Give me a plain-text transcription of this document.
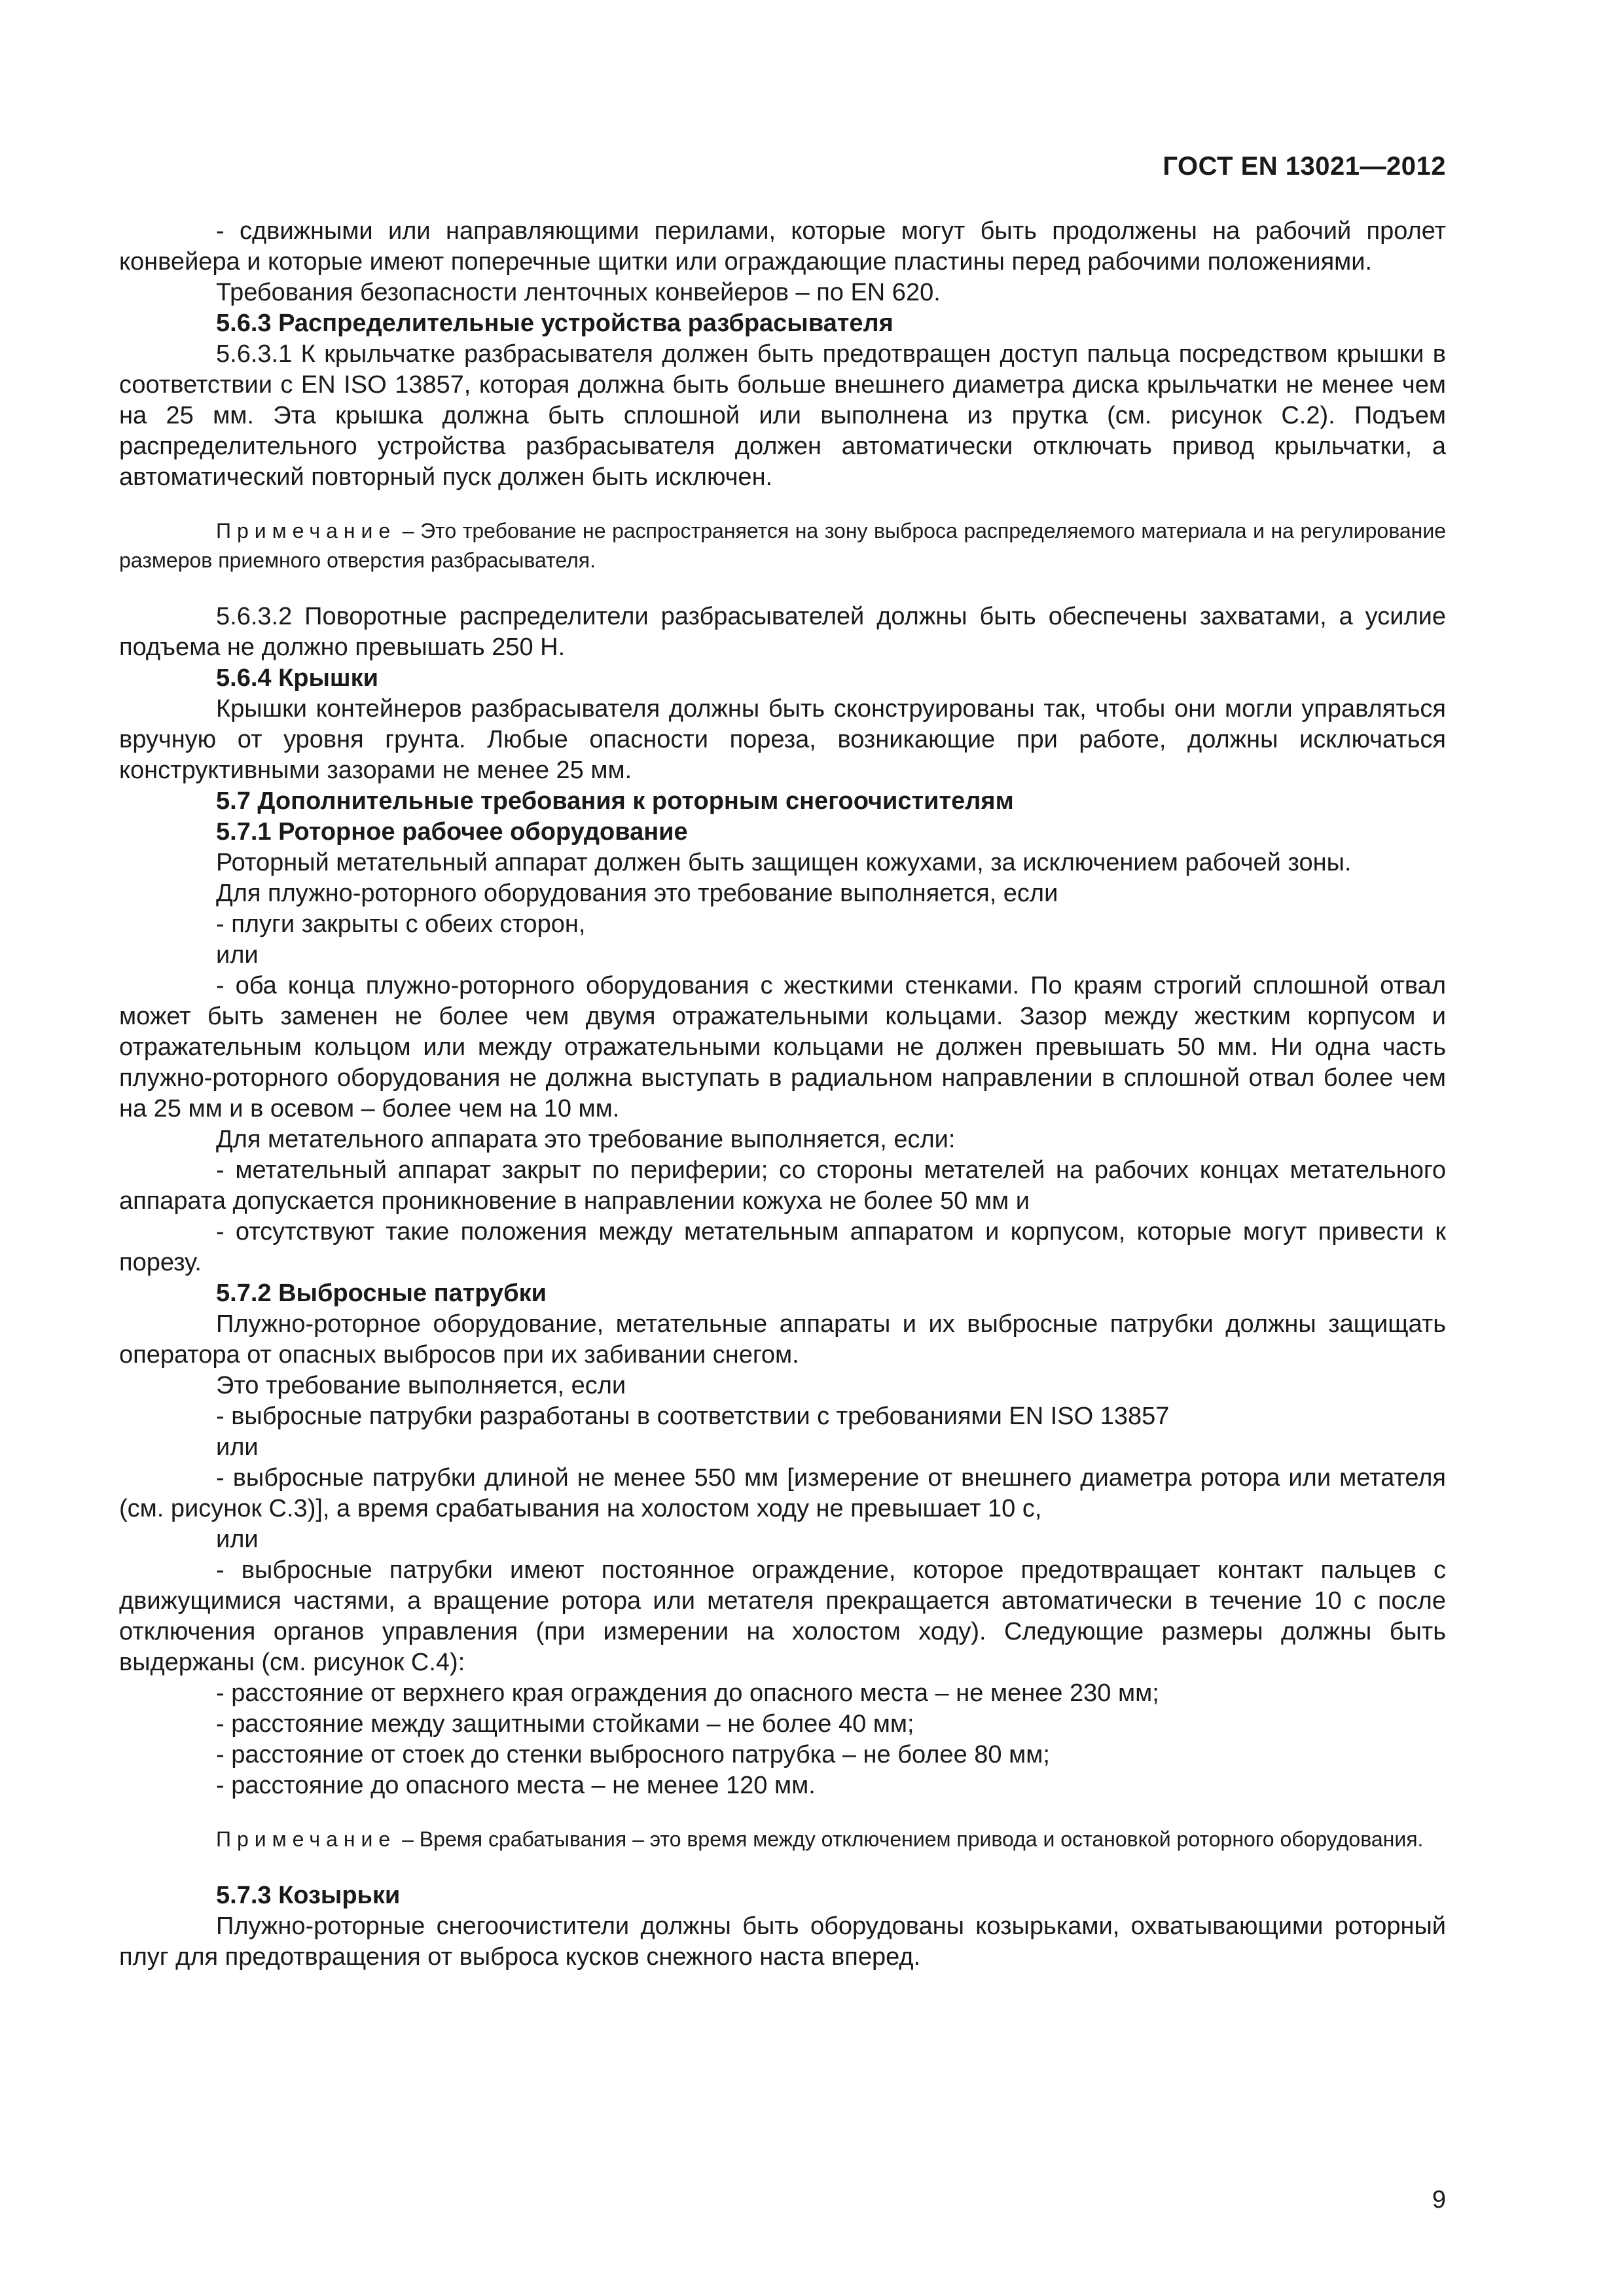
ГОСТ EN 13021—2012

- сдвижными или направляющими перилами, которые могут быть продолжены на рабочий пролет конвейера и которые имеют поперечные щитки или ограждающие пластины перед рабочими положениями.

Требования безопасности ленточных конвейеров – по EN 620.

5.6.3 Распределительные устройства разбрасывателя

5.6.3.1 К крыльчатке разбрасывателя должен быть предотвращен доступ пальца посредством крышки в соответствии с EN ISO 13857, которая должна быть больше внешнего диаметра диска крыльчатки не менее чем на 25 мм. Эта крышка должна быть сплошной или выполнена из прутка (см. рисунок С.2). Подъем распределительного устройства разбрасывателя должен автоматически отключать привод крыльчатки, а автоматический повторный пуск должен быть исключен.

Примечание – Это требование не распространяется на зону выброса распределяемого материала и на регулирование размеров приемного отверстия разбрасывателя.

5.6.3.2 Поворотные распределители разбрасывателей должны быть обеспечены захватами, а усилие подъема не должно превышать 250 Н.

5.6.4 Крышки

Крышки контейнеров разбрасывателя должны быть сконструированы так, чтобы они могли управляться вручную от уровня грунта. Любые опасности пореза, возникающие при работе, должны исключаться конструктивными зазорами не менее 25 мм.

5.7 Дополнительные требования к роторным снегоочистителям

5.7.1 Роторное рабочее оборудование

Роторный метательный аппарат должен быть защищен кожухами, за исключением рабочей зоны.

Для плужно-роторного оборудования это требование выполняется, если

- плуги закрыты с обеих сторон,

или

- оба конца плужно-роторного оборудования с жесткими стенками. По краям строгий сплошной отвал может быть заменен не более чем двумя отражательными кольцами. Зазор между жестким корпусом и отражательным кольцом или между отражательными кольцами не должен превышать 50 мм. Ни одна часть плужно-роторного оборудования не должна выступать в радиальном направлении в сплошной отвал более чем на 25 мм и в осевом – более чем на 10 мм.

Для метательного аппарата это требование выполняется, если:

- метательный аппарат закрыт по периферии; со стороны метателей на рабочих концах метательного аппарата допускается проникновение в направлении кожуха не более 50 мм и

- отсутствуют такие положения между метательным аппаратом и корпусом, которые могут привести к порезу.

5.7.2 Выбросные патрубки

Плужно-роторное оборудование, метательные аппараты и их выбросные патрубки должны защищать оператора от опасных выбросов при их забивании снегом.

Это требование выполняется, если

- выбросные патрубки разработаны в соответствии с требованиями EN ISO 13857

или

- выбросные патрубки длиной не менее 550 мм [измерение от внешнего диаметра ротора или метателя (см. рисунок С.3)], а время срабатывания на холостом ходу не превышает 10 с,

или

- выбросные патрубки имеют постоянное ограждение, которое предотвращает контакт пальцев с движущимися частями, а вращение ротора или метателя прекращается автоматически в течение 10 с после отключения органов управления (при измерении на холостом ходу). Следующие размеры должны быть выдержаны (см. рисунок С.4):

- расстояние от верхнего края ограждения до опасного места – не менее 230 мм;

- расстояние между защитными стойками – не более 40 мм;

- расстояние от стоек до стенки выбросного патрубка – не более 80 мм;

- расстояние до опасного места – не менее 120 мм.

Примечание – Время срабатывания – это время между отключением привода и остановкой роторного оборудования.

5.7.3 Козырьки

Плужно-роторные снегоочистители должны быть оборудованы козырьками, охватывающими роторный плуг для предотвращения от выброса кусков снежного наста вперед.

9
